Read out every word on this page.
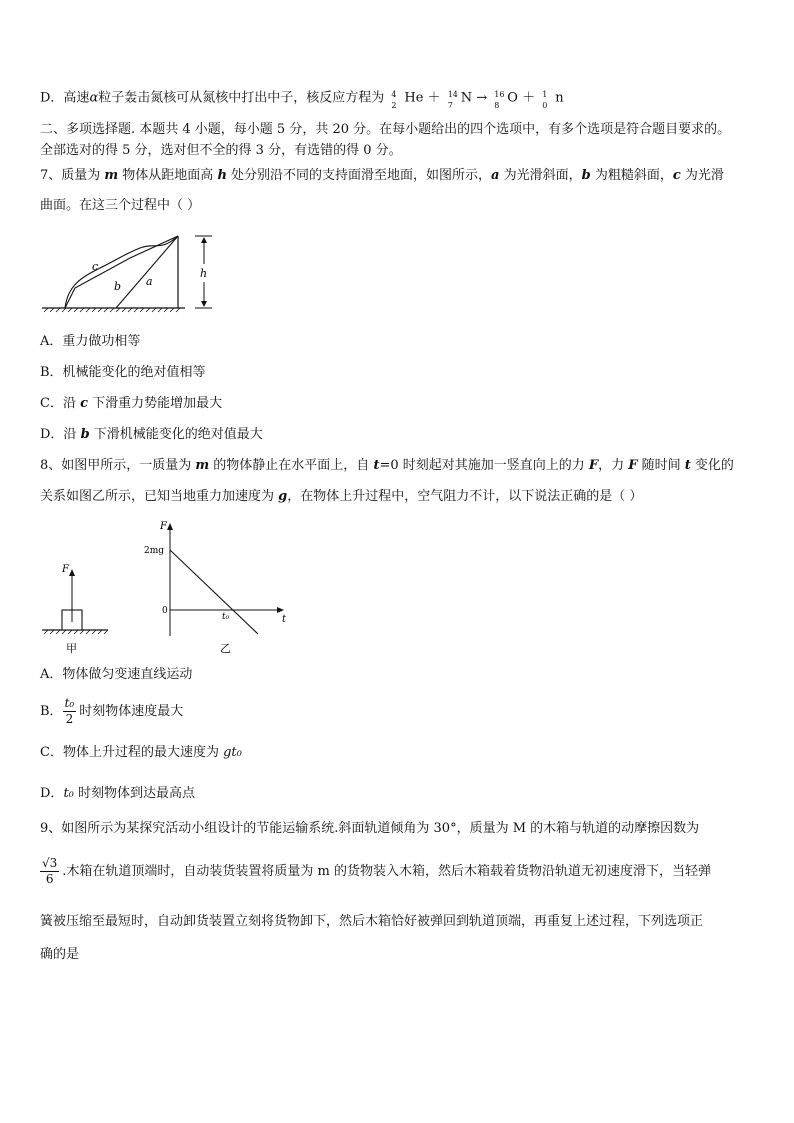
D．高速α粒子轰击氮核可从氮核中打出中子，核反应方程为 4
2 He ＋ 14
7 N → 16
8 O ＋ 1
0 n
二、多项选择题. 本题共 4 小题，每小题 5 分，共 20 分。在每小题给出的四个选项中，有多个选项是符合题目要求的。
全部选对的得 5 分，选对但不全的得 3 分，有选错的得 0 分。
7、质量为 m 物体从距地面高 h 处分别沿不同的支持面滑至地面，如图所示，a 为光滑斜面，b 为粗糙斜面，c 为光滑
曲面。在这三个过程中（ ）
c
b a
h
A．重力做功相等
B．机械能变化的绝对值相等
C．沿 c 下滑重力势能增加最大
D．沿 b 下滑机械能变化的绝对值最大
8、如图甲所示，一质量为 m 的物体静止在水平面上，自 t=0 时刻起对其施加一竖直向上的力 F，力 F 随时间 t 变化的
关系如图乙所示，已知当地重力加速度为 g，在物体上升过程中，空气阻力不计，以下说法正确的是（ ）
F
甲
F
2mg
0
t₀	t
乙
A．物体做匀变速直线运动
B． $\frac{\text{t₀}}{2}$ 时刻物体速度最大
C．物体上升过程的最大速度为 gt₀
D．t₀ 时刻物体到达最高点
9、如图所示为某探究活动小组设计的节能运输系统.斜面轨道倾角为 30°，质量为 M 的木箱与轨道的动摩擦因数为
$\frac{√3}{6}$ .木箱在轨道顶端时，自动装货装置将质量为 m 的货物装入木箱，然后木箱载着货物沿轨道无初速度滑下，当轻弹
簧被压缩至最短时，自动卸货装置立刻将货物卸下，然后木箱恰好被弹回到轨道顶端，再重复上述过程，下列选项正
确的是
